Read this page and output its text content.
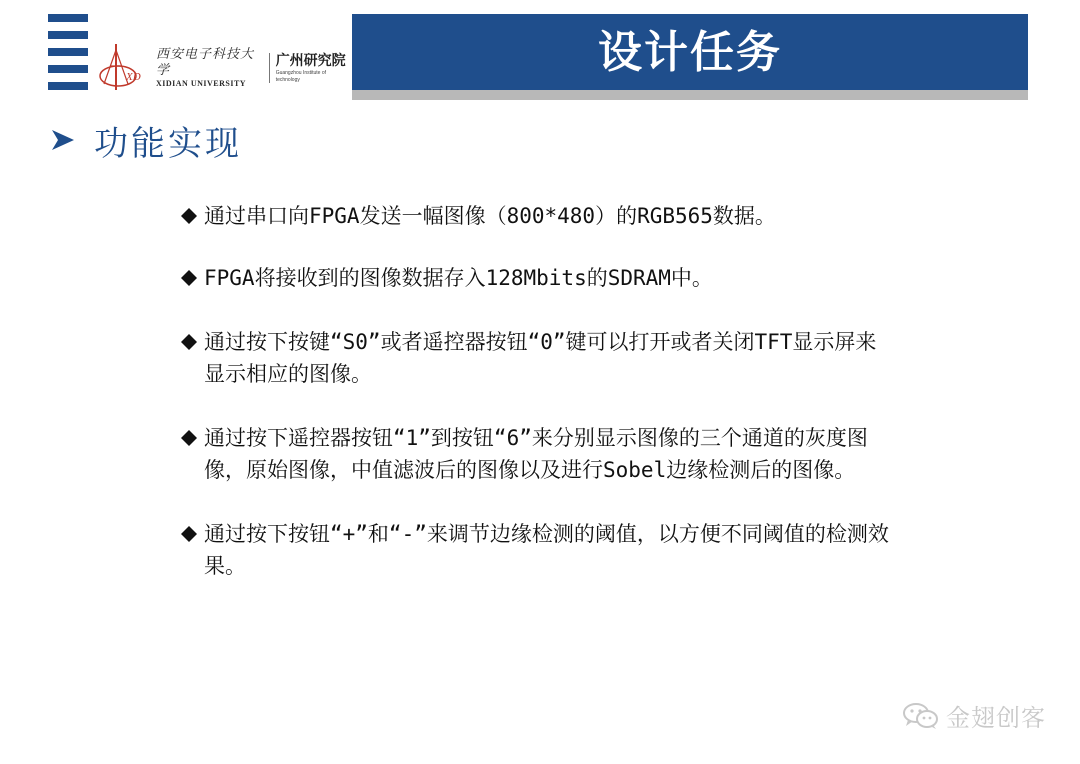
XD
西安电子科技大学
XIDIAN UNIVERSITY
广州研究院
Guangzhou Institute of technology
设计任务
功能实现
通过串口向FPGA发送一幅图像（800*480）的RGB565数据。
FPGA将接收到的图像数据存入128Mbits的SDRAM中。
通过按下按键“S0”或者遥控器按钮“0”键可以打开或者关闭TFT显示屏来显示相应的图像。
通过按下遥控器按钮“1”到按钮“6”来分别显示图像的三个通道的灰度图像，原始图像，中值滤波后的图像以及进行Sobel边缘检测后的图像。
通过按下按钮“+”和“-”来调节边缘检测的阈值，以方便不同阈值的检测效果。
金翅创客
